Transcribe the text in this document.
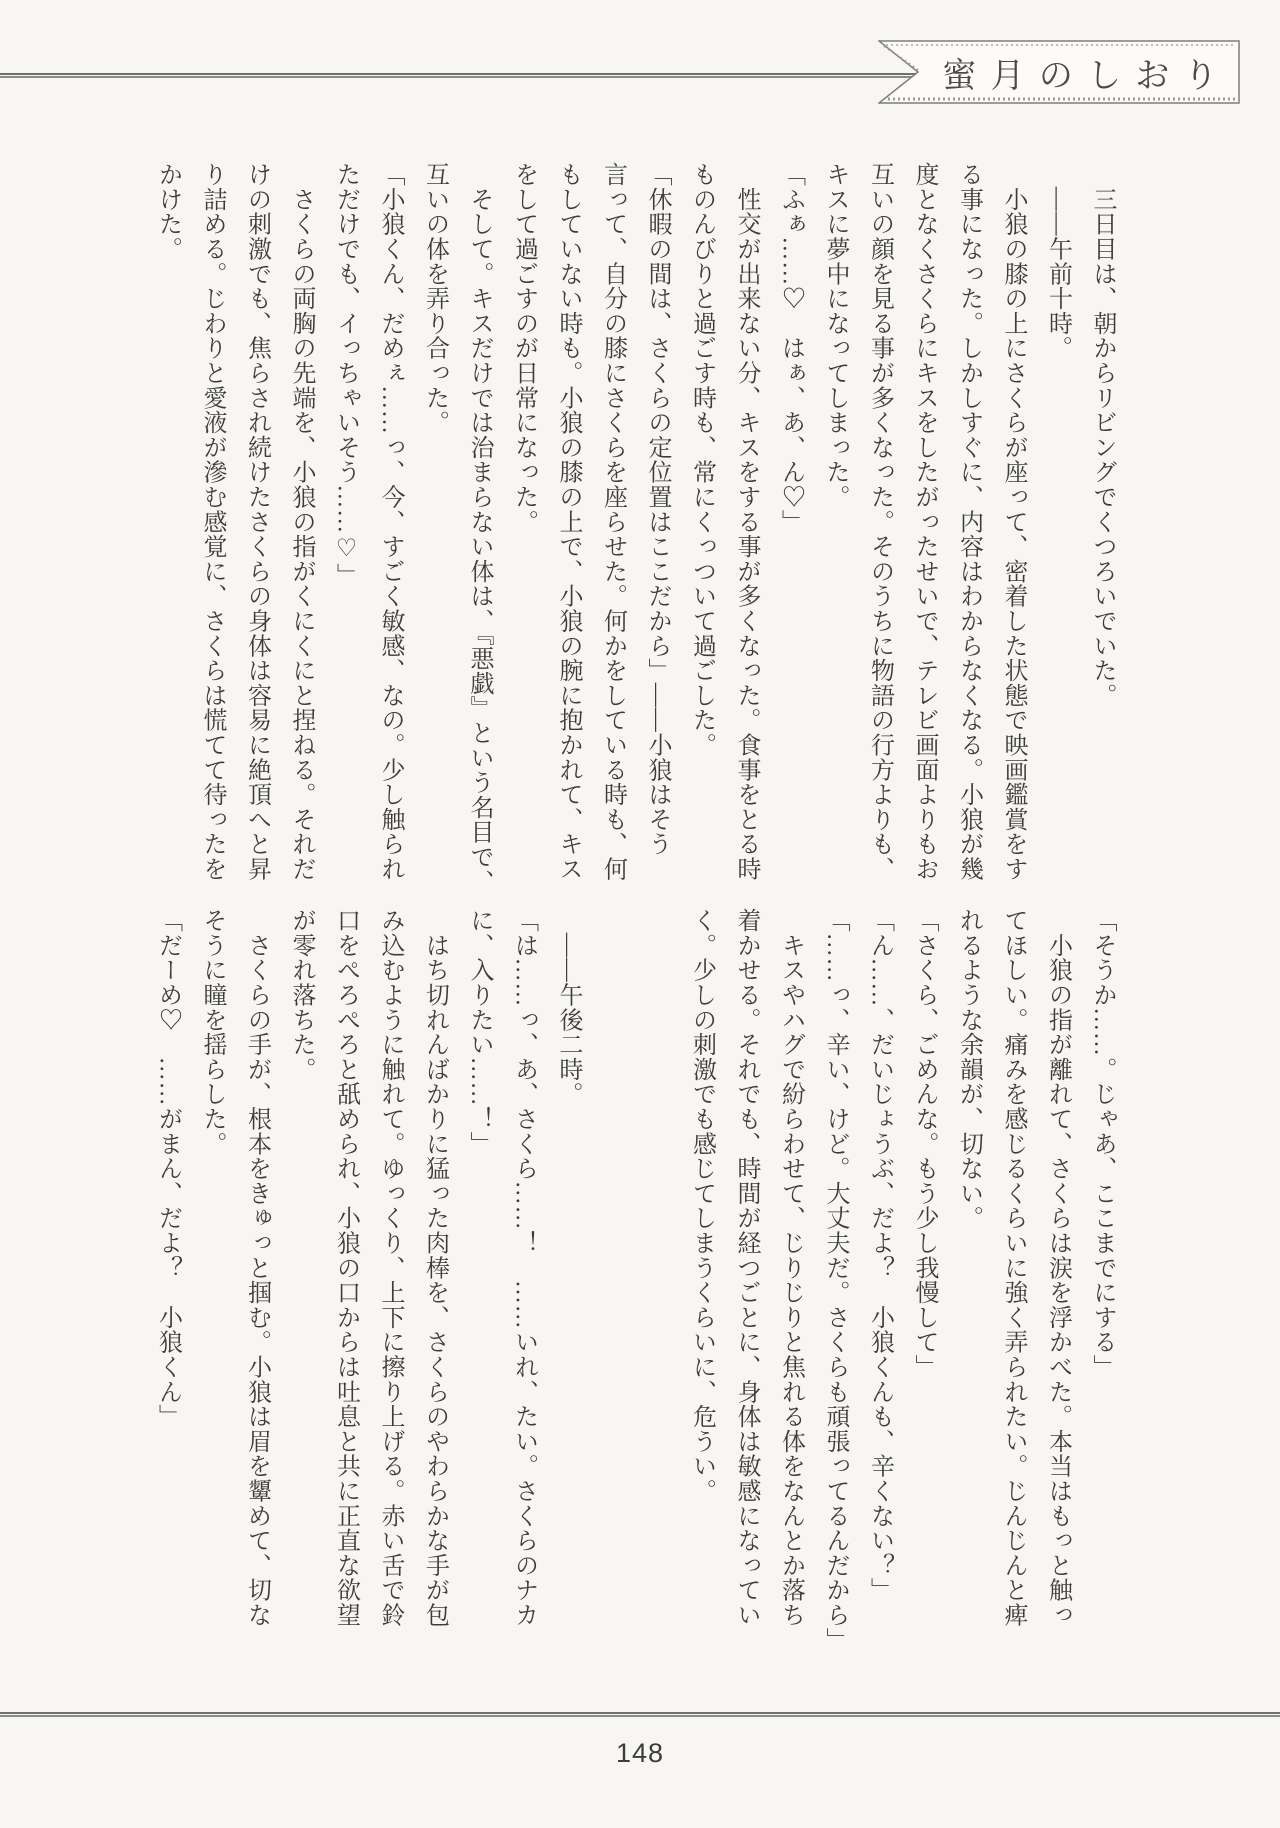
蜜月のしおり

　三日目は、朝からリビングでくつろいでいた。

　——午前十時。

　小狼の膝の上にさくらが座って、密着した状態で映画鑑賞をす

る事になった。しかしすぐに、内容はわからなくなる。小狼が幾

度となくさくらにキスをしたがったせいで、テレビ画面よりもお

互いの顔を見る事が多くなった。そのうちに物語の行方よりも、

キスに夢中になってしまった。

「ふぁ……♡　はぁ、あ、ん♡」

　性交が出来ない分、キスをする事が多くなった。食事をとる時

ものんびりと過ごす時も、常にくっついて過ごした。

「休暇の間は、さくらの定位置はここだから」——小狼はそう

言って、自分の膝にさくらを座らせた。何かをしている時も、何

もしていない時も。小狼の膝の上で、小狼の腕に抱かれて、キス

をして過ごすのが日常になった。

　そして。キスだけでは治まらない体は、『悪戯』という名目で、

互いの体を弄り合った。

「小狼くん、だめぇ……っ、今、すごく敏感、なの。少し触られ

ただけでも、イっちゃいそう……♡」

　さくらの両胸の先端を、小狼の指がくにくにと捏ねる。それだ

けの刺激でも、焦らされ続けたさくらの身体は容易に絶頂へと昇

り詰める。じわりと愛液が滲む感覚に、さくらは慌てて待ったを

かけた。

「そうか……。じゃあ、ここまでにする」

　小狼の指が離れて、さくらは涙を浮かべた。本当はもっと触っ

てほしい。痛みを感じるくらいに強く弄られたい。じんじんと痺

れるような余韻が、切ない。

「さくら、ごめんな。もう少し我慢して」

「ん……、だいじょうぶ、だよ？　小狼くんも、辛くない？」

「……っ、辛い、けど。大丈夫だ。さくらも頑張ってるんだから」

　キスやハグで紛らわせて、じりじりと焦れる体をなんとか落ち

着かせる。それでも、時間が経つごとに、身体は敏感になってい

く。少しの刺激でも感じてしまうくらいに、危うい。

　——午後二時。

「は……っ、あ、さくら……！　……いれ、たい。さくらのナカ

に、入りたい……！」

　はち切れんばかりに猛った肉棒を、さくらのやわらかな手が包

み込むように触れて。ゆっくり、上下に擦り上げる。赤い舌で鈴

口をぺろぺろと舐められ、小狼の口からは吐息と共に正直な欲望

が零れ落ちた。

　さくらの手が、根本をきゅっと掴む。小狼は眉を顰めて、切な

そうに瞳を揺らした。

「だーめ♡　……がまん、だよ？　小狼くん」

148
